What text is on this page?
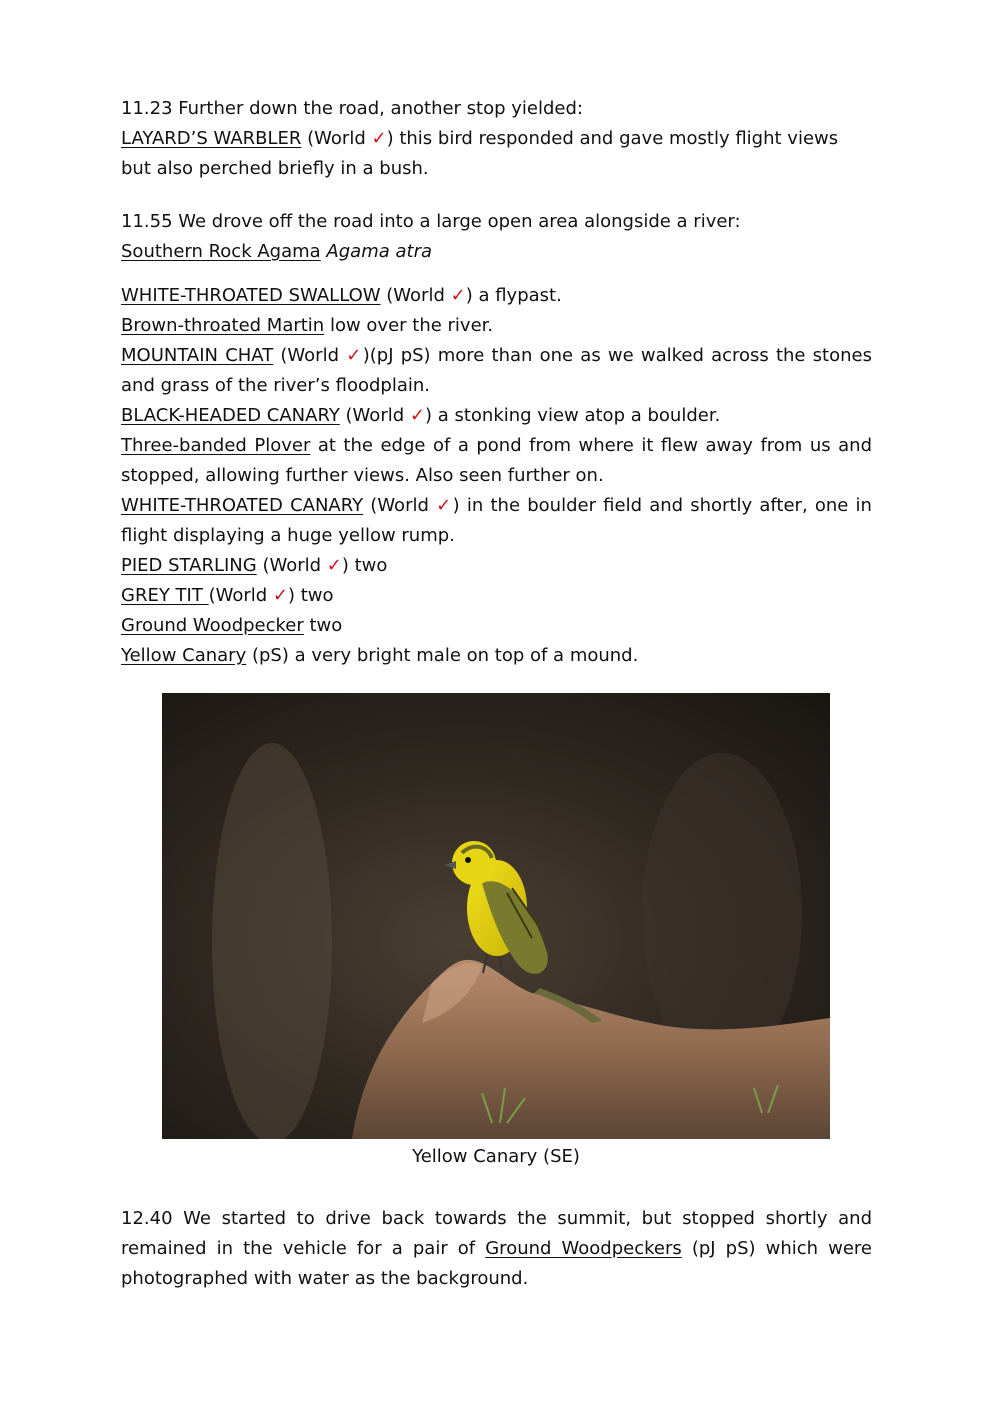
11.23 Further down the road, another stop yielded:
LAYARD’S WARBLER (World ✓) this bird responded and gave mostly flight views but also perched briefly in a bush.

11.55 We drove off the road into a large open area alongside a river:
Southern Rock Agama Agama atra

WHITE-THROATED SWALLOW (World ✓) a flypast.
Brown-throated Martin low over the river.
MOUNTAIN CHAT (World ✓)(pJ pS) more than one as we walked across the stones and grass of the river’s floodplain.
BLACK-HEADED CANARY (World ✓) a stonking view atop a boulder.
Three-banded Plover at the edge of a pond from where it flew away from us and stopped, allowing further views. Also seen further on.
WHITE-THROATED CANARY (World ✓) in the boulder field and shortly after, one in flight displaying a huge yellow rump.
PIED STARLING (World ✓) two
GREY TIT (World ✓) two
Ground Woodpecker two
Yellow Canary (pS) a very bright male on top of a mound.
Yellow Canary (SE)

12.40 We started to drive back towards the summit, but stopped shortly and remained in the vehicle for a pair of Ground Woodpeckers (pJ pS) which were photographed with water as the background.
